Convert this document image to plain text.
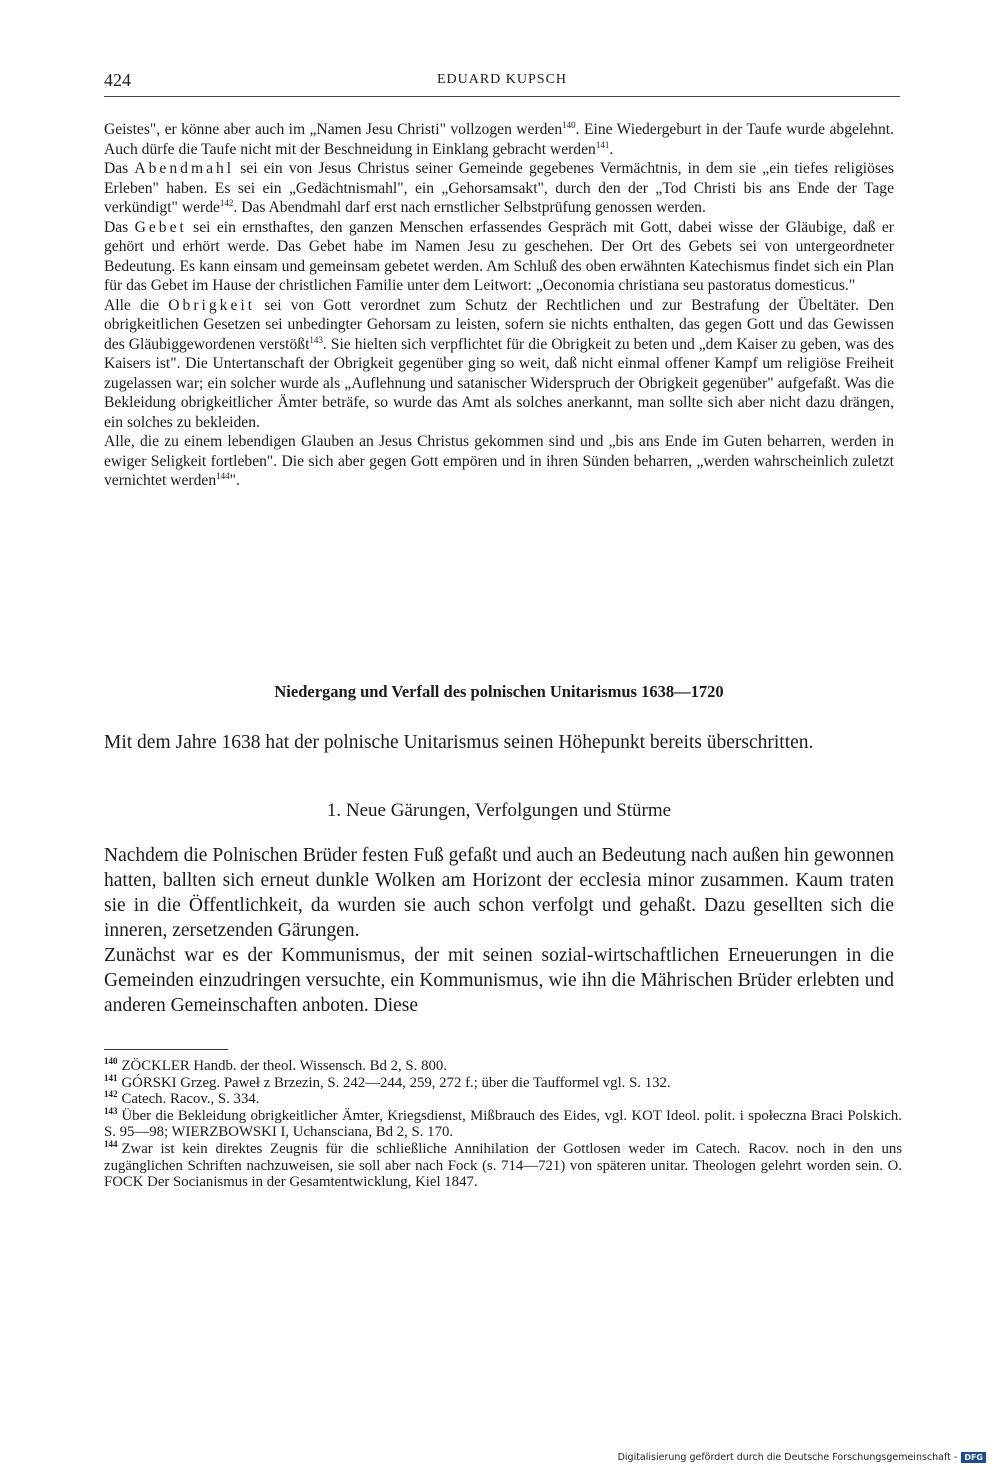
424	EDUARD KUPSCH

Geistes", er könne aber auch im „Namen Jesu Christi" vollzogen werden$^{140}$. Eine Wiedergeburt in der Taufe wurde abgelehnt. Auch dürfe die Taufe nicht mit der Beschneidung in Einklang gebracht werden$^{141}$.

Das Abendmahl sei ein von Jesus Christus seiner Gemeinde gegebenes Vermächtnis, in dem sie „ein tiefes religiöses Erleben" haben. Es sei ein „Gedächtnismahl", ein „Gehorsamsakt", durch den der „Tod Christi bis ans Ende der Tage verkündigt" werde$^{142}$. Das Abendmahl darf erst nach ernstlicher Selbstprüfung genossen werden.

Das Gebet sei ein ernsthaftes, den ganzen Menschen erfassendes Gespräch mit Gott, dabei wisse der Gläubige, daß er gehört und erhört werde. Das Gebet habe im Namen Jesu zu geschehen. Der Ort des Gebets sei von untergeordneter Bedeutung. Es kann einsam und gemeinsam gebetet werden. Am Schluß des oben erwähnten Katechismus findet sich ein Plan für das Gebet im Hause der christlichen Familie unter dem Leitwort: „Oeconomia christiana seu pastoratus domesticus."

Alle die Obrigkeit sei von Gott verordnet zum Schutz der Rechtlichen und zur Bestrafung der Übeltäter. Den obrigkeitlichen Gesetzen sei unbedingter Gehorsam zu leisten, sofern sie nichts enthalten, das gegen Gott und das Gewissen des Gläubiggewordenen verstößt$^{143}$. Sie hielten sich verpflichtet für die Obrigkeit zu beten und „dem Kaiser zu geben, was des Kaisers ist". Die Untertanschaft der Obrigkeit gegenüber ging so weit, daß nicht einmal offener Kampf um religiöse Freiheit zugelassen war; ein solcher wurde als „Auflehnung und satanischer Widerspruch der Obrigkeit gegenüber" aufgefaßt. Was die Bekleidung obrigkeitlicher Ämter beträfe, so wurde das Amt als solches anerkannt, man sollte sich aber nicht dazu drängen, ein solches zu bekleiden.

Alle, die zu einem lebendigen Glauben an Jesus Christus gekommen sind und „bis ans Ende im Guten beharren, werden in ewiger Seligkeit fortleben". Die sich aber gegen Gott empören und in ihren Sünden beharren, „werden wahrscheinlich zuletzt vernichtet werden$^{144}$".

Niedergang und Verfall des polnischen Unitarismus 1638—1720

Mit dem Jahre 1638 hat der polnische Unitarismus seinen Höhepunkt bereits überschritten.

1. Neue Gärungen, Verfolgungen und Stürme

Nachdem die Polnischen Brüder festen Fuß gefaßt und auch an Bedeutung nach außen hin gewonnen hatten, ballten sich erneut dunkle Wolken am Horizont der ecclesia minor zusammen. Kaum traten sie in die Öffentlichkeit, da wurden sie auch schon verfolgt und gehaßt. Dazu gesellten sich die inneren, zersetzenden Gärungen.

Zunächst war es der Kommunismus, der mit seinen sozial-wirtschaftlichen Erneuerungen in die Gemeinden einzudringen versuchte, ein Kommunismus, wie ihn die Mährischen Brüder erlebten und anderen Gemeinschaften anboten. Diese

$^{140}$ ZÖCKLER Handb. der theol. Wissensch. Bd 2, S. 800.

$^{141}$ GÓRSKI Grzeg. Paweł z Brzezin, S. 242—244, 259, 272 f.; über die Taufformel vgl. S. 132.

$^{142}$ Catech. Racov., S. 334.

$^{143}$ Über die Bekleidung obrigkeitlicher Ämter, Kriegsdienst, Mißbrauch des Eides, vgl. KOT Ideol. polit. i społeczna Braci Polskich. S. 95—98; WIERZBOWSKI I, Uchansciana, Bd 2, S. 170.

$^{144}$ Zwar ist kein direktes Zeugnis für die schließliche Annihilation der Gottlosen weder im Catech. Racov. noch in den uns zugänglichen Schriften nachzuweisen, sie soll aber nach Fock (s. 714—721) von späteren unitar. Theologen gelehrt worden sein. O. FOCK Der Socianismus in der Gesamtentwicklung, Kiel 1847.

Digitalisierung gefördert durch die Deutsche Forschungsgemeinschaft - DFG
